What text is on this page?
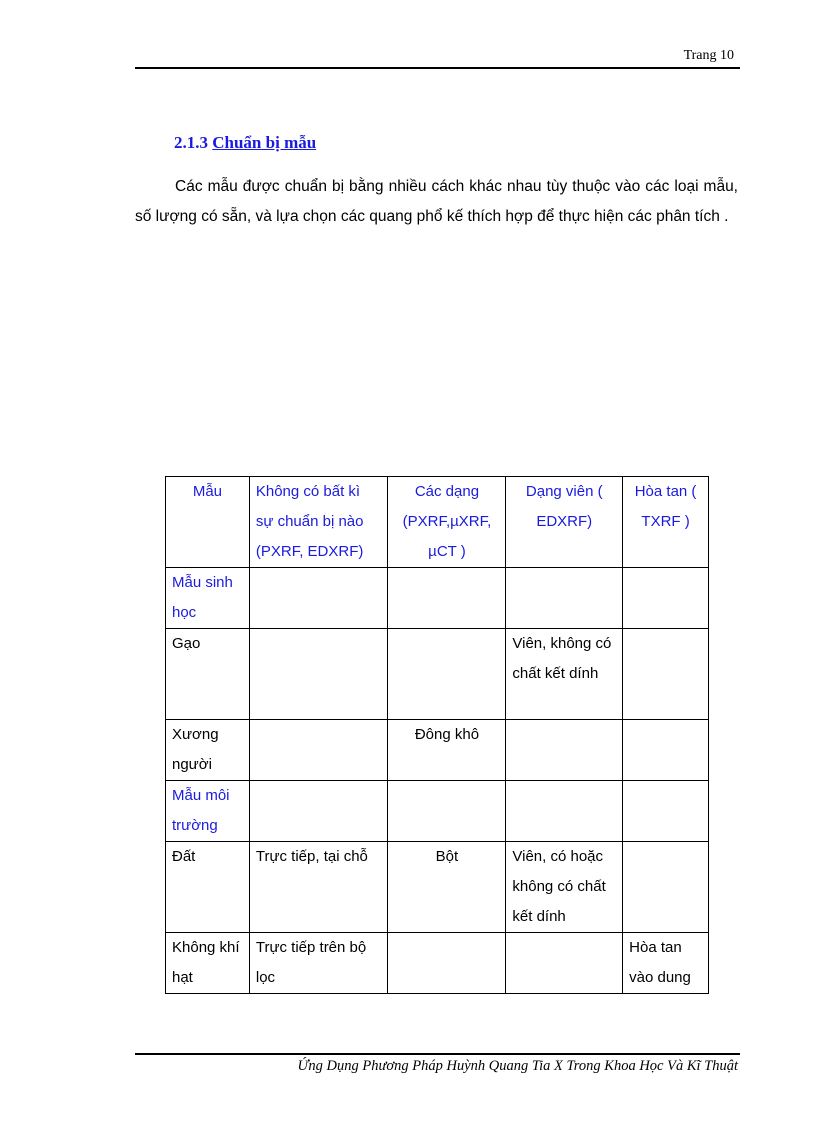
Trang 10
2.1.3 Chuẩn bị mẫu

Các mẫu được chuẩn bị bằng nhiều cách khác nhau tùy thuộc vào các loại mẫu, số lượng có sẵn, và lựa chọn các quang phổ kế thích hợp để thực hiện các phân tích .

Mẫu	Không có bất kì sự chuẩn bị nào (PXRF, EDXRF)	Các dạng (PXRF,µXRF, µCT )	Dạng viên ( EDXRF)	Hòa tan ( TXRF )
Mẫu sinh học				
Gạo			Viên, không có chất kết dính	
Xương người		Đông khô		
Mẫu môi trường				
Đất	Trực tiếp, tại chỗ	Bột	Viên, có hoặc không có chất kết dính	
Không khí hạt	Trực tiếp trên bộ lọc			Hòa tan vào dung
Ứng Dụng Phương Pháp Huỳnh Quang Tia X Trong Khoa Học Và Kĩ Thuật
